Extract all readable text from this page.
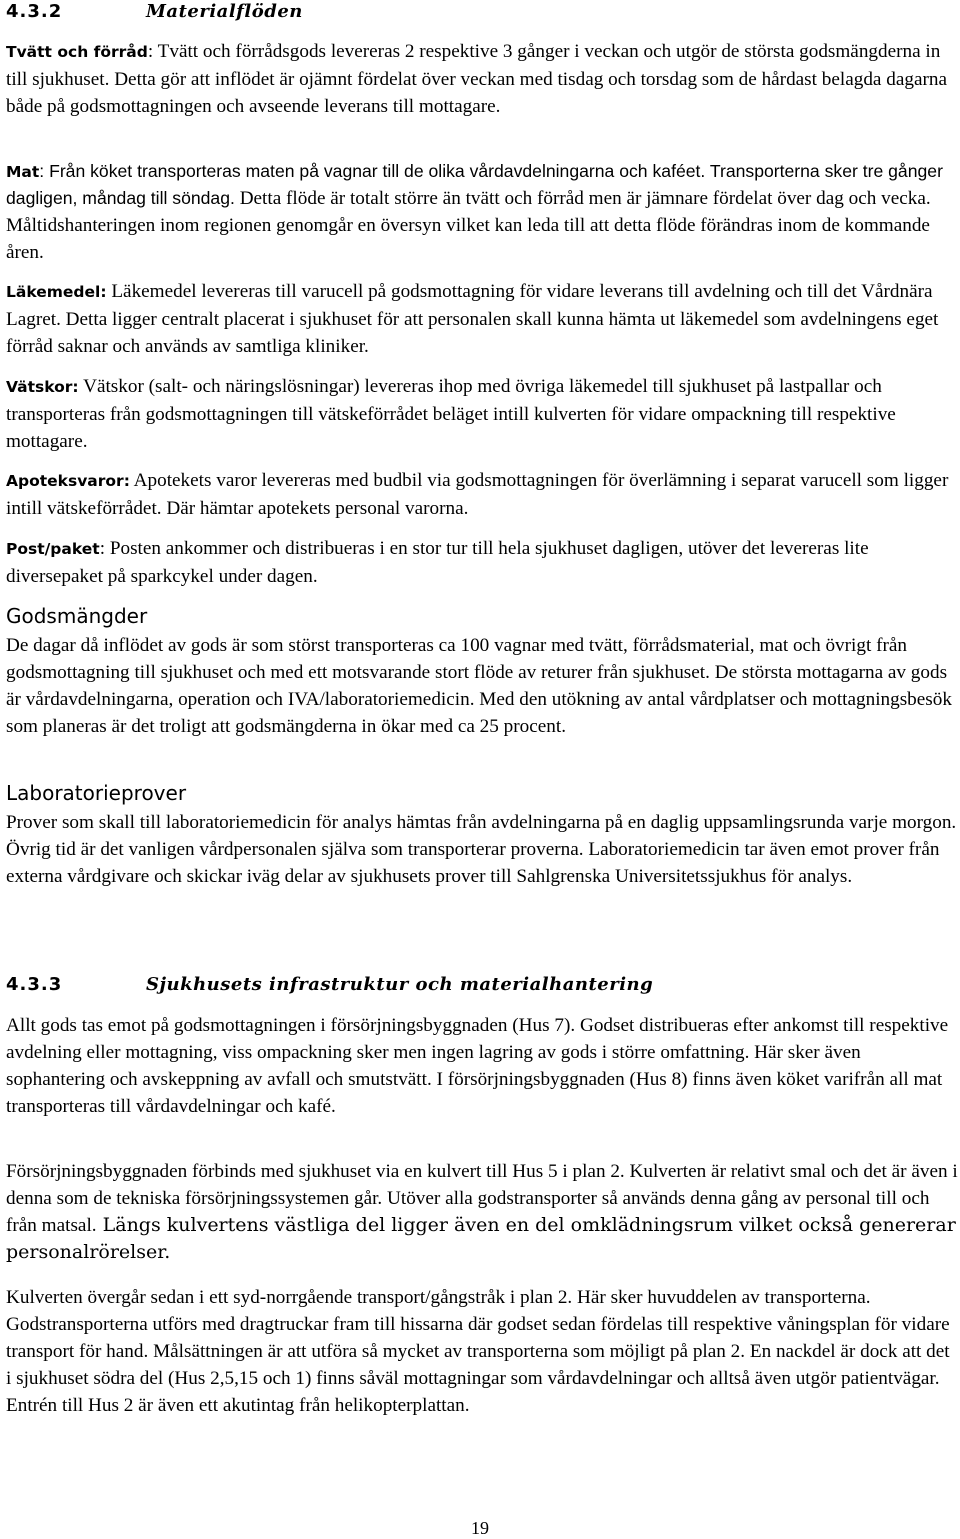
4.3.2	Materialflöden

Tvätt och förråd: Tvätt och förrådsgods levereras 2 respektive 3 gånger i veckan och utgör de största godsmängderna in till sjukhuset. Detta gör att inflödet är ojämnt fördelat över veckan med tisdag och torsdag som de hårdast belagda dagarna både på godsmottagningen och avseende leverans till mottagare.

Mat: Från köket transporteras maten på vagnar till de olika vårdavdelningarna och kaféet. Transporterna sker tre gånger dagligen, måndag till söndag. Detta flöde är totalt större än tvätt och förråd men är jämnare fördelat över dag och vecka. Måltidshanteringen inom regionen genomgår en översyn vilket kan leda till att detta flöde förändras inom de kommande åren.

Läkemedel: Läkemedel levereras till varucell på godsmottagning för vidare leverans till avdelning och till det Vårdnära Lagret. Detta ligger centralt placerat i sjukhuset för att personalen skall kunna hämta ut läkemedel som avdelningens eget förråd saknar och används av samtliga kliniker.

Vätskor: Vätskor (salt- och näringslösningar) levereras ihop med övriga läkemedel till sjukhuset på lastpallar och transporteras från godsmottagningen till vätskeförrådet beläget intill kulverten för vidare ompackning till respektive mottagare.

Apoteksvaror: Apotekets varor levereras med budbil via godsmottagningen för överlämning i separat varucell som ligger intill vätskeförrådet. Där hämtar apotekets personal varorna.

Post/paket: Posten ankommer och distribueras i en stor tur till hela sjukhuset dagligen, utöver det levereras lite diversepaket på sparkcykel under dagen.

Godsmängder

De dagar då inflödet av gods är som störst transporteras ca 100 vagnar med tvätt, förrådsmaterial, mat och övrigt från godsmottagning till sjukhuset och med ett motsvarande stort flöde av returer från sjukhuset. De största mottagarna av gods är vårdavdelningarna, operation och IVA/laboratoriemedicin. Med den utökning av antal vårdplatser och mottagningsbesök som planeras är det troligt att godsmängderna in ökar med ca 25 procent.

Laboratorieprover

Prover som skall till laboratoriemedicin för analys hämtas från avdelningarna på en daglig uppsamlingsrunda varje morgon. Övrig tid är det vanligen vårdpersonalen själva som transporterar proverna. Laboratoriemedicin tar även emot prover från externa vårdgivare och skickar iväg delar av sjukhusets prover till Sahlgrenska Universitetssjukhus för analys.

4.3.3	Sjukhusets infrastruktur och materialhantering

Allt gods tas emot på godsmottagningen i försörjningsbyggnaden (Hus 7). Godset distribueras efter ankomst till respektive avdelning eller mottagning, viss ompackning sker men ingen lagring av gods i större omfattning. Här sker även sophantering och avskeppning av avfall och smutstvätt. I försörjningsbyggnaden (Hus 8) finns även köket varifrån all mat transporteras till vårdavdelningar och kafé.

Försörjningsbyggnaden förbinds med sjukhuset via en kulvert till Hus 5 i plan 2. Kulverten är relativt smal och det är även i denna som de tekniska försörjningssystemen går. Utöver alla godstransporter så används denna gång av personal till och från matsal. Längs kulvertens västliga del ligger även en del omklädningsrum vilket också genererar personalrörelser.

Kulverten övergår sedan i ett syd-norrgående transport/gångstråk i plan 2. Här sker huvuddelen av transporterna. Godstransporterna utförs med dragtruckar fram till hissarna där godset sedan fördelas till respektive våningsplan för vidare transport för hand. Målsättningen är att utföra så mycket av transporterna som möjligt på plan 2. En nackdel är dock att det i sjukhuset södra del (Hus 2,5,15 och 1) finns såväl mottagningar som vårdavdelningar och alltså även utgör patientvägar. Entrén till Hus 2 är även ett akutintag från helikopterplattan.

19
